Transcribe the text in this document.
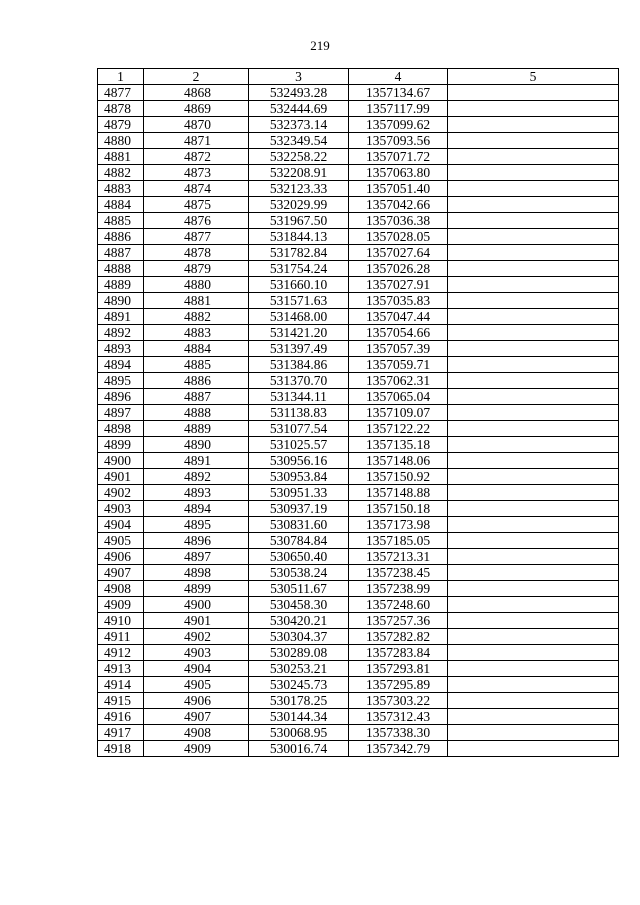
219
1	2	3	4	5
4877	4868	532493.28	1357134.67	
4878	4869	532444.69	1357117.99	
4879	4870	532373.14	1357099.62	
4880	4871	532349.54	1357093.56	
4881	4872	532258.22	1357071.72	
4882	4873	532208.91	1357063.80	
4883	4874	532123.33	1357051.40	
4884	4875	532029.99	1357042.66	
4885	4876	531967.50	1357036.38	
4886	4877	531844.13	1357028.05	
4887	4878	531782.84	1357027.64	
4888	4879	531754.24	1357026.28	
4889	4880	531660.10	1357027.91	
4890	4881	531571.63	1357035.83	
4891	4882	531468.00	1357047.44	
4892	4883	531421.20	1357054.66	
4893	4884	531397.49	1357057.39	
4894	4885	531384.86	1357059.71	
4895	4886	531370.70	1357062.31	
4896	4887	531344.11	1357065.04	
4897	4888	531138.83	1357109.07	
4898	4889	531077.54	1357122.22	
4899	4890	531025.57	1357135.18	
4900	4891	530956.16	1357148.06	
4901	4892	530953.84	1357150.92	
4902	4893	530951.33	1357148.88	
4903	4894	530937.19	1357150.18	
4904	4895	530831.60	1357173.98	
4905	4896	530784.84	1357185.05	
4906	4897	530650.40	1357213.31	
4907	4898	530538.24	1357238.45	
4908	4899	530511.67	1357238.99	
4909	4900	530458.30	1357248.60	
4910	4901	530420.21	1357257.36	
4911	4902	530304.37	1357282.82	
4912	4903	530289.08	1357283.84	
4913	4904	530253.21	1357293.81	
4914	4905	530245.73	1357295.89	
4915	4906	530178.25	1357303.22	
4916	4907	530144.34	1357312.43	
4917	4908	530068.95	1357338.30	
4918	4909	530016.74	1357342.79	
